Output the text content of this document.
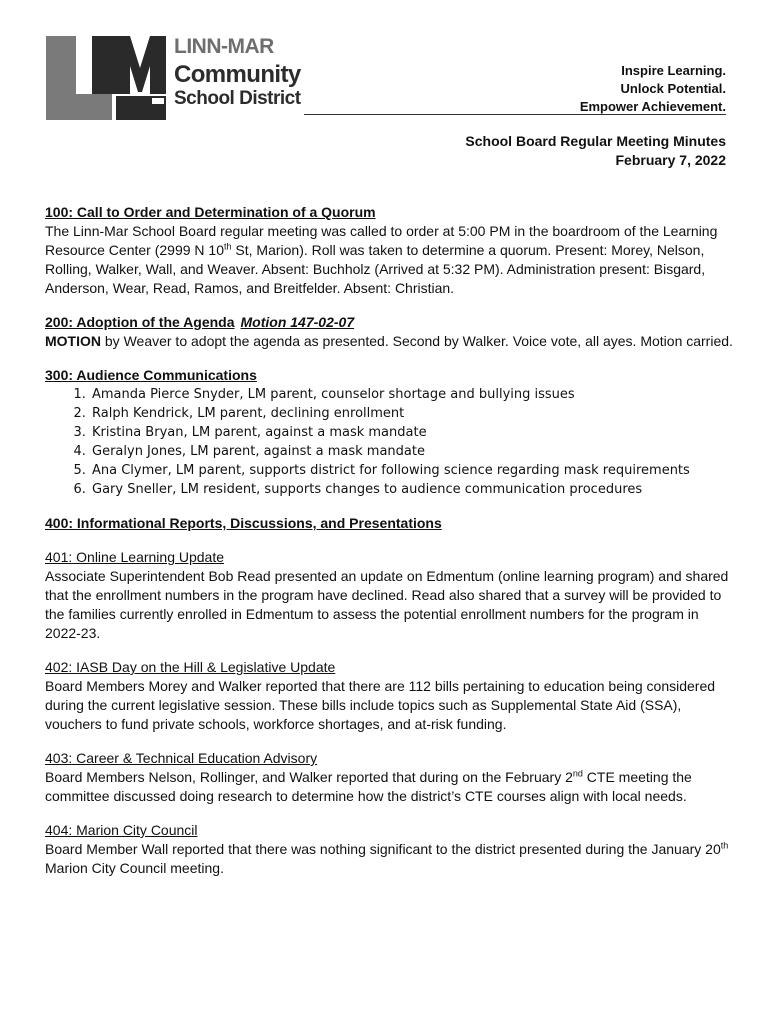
LINN-MAR
Community
School District
Inspire Learning.
Unlock Potential.
Empower Achievement.
School Board Regular Meeting Minutes
February 7, 2022
100: Call to Order and Determination of a Quorum

The Linn-Mar School Board regular meeting was called to order at 5:00 PM in the boardroom of the Learning Resource Center (2999 N 10th St, Marion). Roll was taken to determine a quorum. Present: Morey, Nelson, Rolling, Walker, Wall, and Weaver. Absent: Buchholz (Arrived at 5:32 PM). Administration present: Bisgard, Anderson, Wear, Read, Ramos, and Breitfelder. Absent: Christian.

200: Adoption of the Agenda Motion 147-02-07

MOTION by Weaver to adopt the agenda as presented. Second by Walker. Voice vote, all ayes. Motion carried.

300: Audience Communications
1. Amanda Pierce Snyder, LM parent, counselor shortage and bullying issues
2. Ralph Kendrick, LM parent, declining enrollment
3. Kristina Bryan, LM parent, against a mask mandate
4. Geralyn Jones, LM parent, against a mask mandate
5. Ana Clymer, LM parent, supports district for following science regarding mask requirements
6. Gary Sneller, LM resident, supports changes to audience communication procedures
400: Informational Reports, Discussions, and Presentations
401: Online Learning Update

Associate Superintendent Bob Read presented an update on Edmentum (online learning program) and shared that the enrollment numbers in the program have declined. Read also shared that a survey will be provided to the families currently enrolled in Edmentum to assess the potential enrollment numbers for the program in 2022-23.

402: IASB Day on the Hill & Legislative Update

Board Members Morey and Walker reported that there are 112 bills pertaining to education being considered during the current legislative session. These bills include topics such as Supplemental State Aid (SSA), vouchers to fund private schools, workforce shortages, and at-risk funding.

403: Career & Technical Education Advisory

Board Members Nelson, Rollinger, and Walker reported that during on the February 2nd CTE meeting the committee discussed doing research to determine how the district’s CTE courses align with local needs.

404: Marion City Council

Board Member Wall reported that there was nothing significant to the district presented during the January 20th Marion City Council meeting.
